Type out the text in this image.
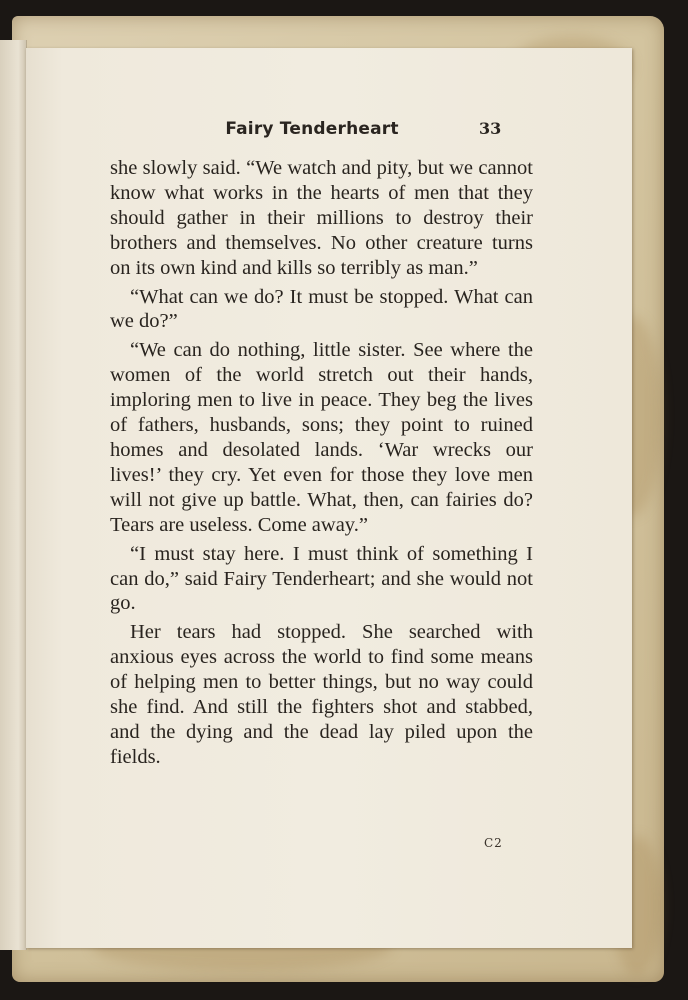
Fairy Tenderheart	33

she slowly said. “We watch and pity, but we cannot know what works in the hearts of men that they should gather in their millions to destroy their brothers and themselves. No other creature turns on its own kind and kills so terribly as man.”

“What can we do? It must be stopped. What can we do?”

“We can do nothing, little sister. See where the women of the world stretch out their hands, imploring men to live in peace. They beg the lives of fathers, husbands, sons; they point to ruined homes and desolated lands. ‘War wrecks our lives!’ they cry. Yet even for those they love men will not give up battle. What, then, can fairies do? Tears are useless. Come away.”

“I must stay here. I must think of something I can do,” said Fairy Tenderheart; and she would not go.

Her tears had stopped. She searched with anxious eyes across the world to find some means of helping men to better things, but no way could she find. And still the fighters shot and stabbed, and the dying and the dead lay piled upon the fields.

C2
